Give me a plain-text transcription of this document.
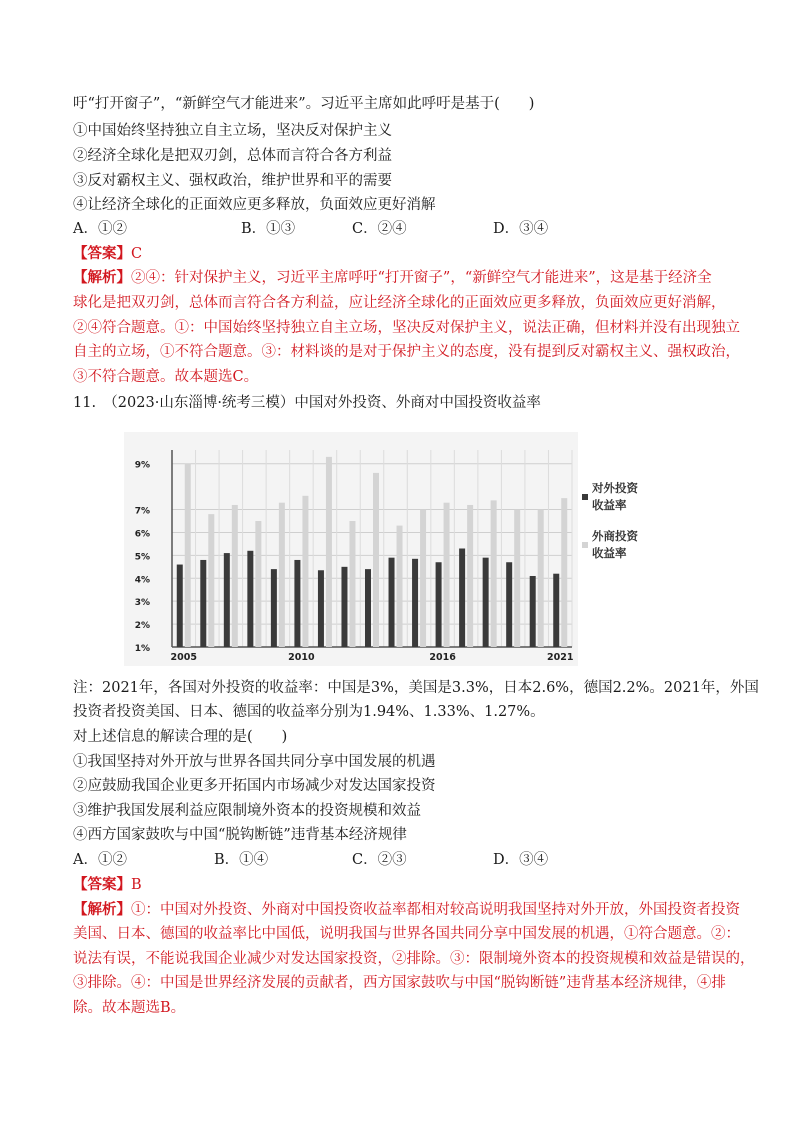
吁“打开窗子”，“新鲜空气才能进来”。习近平主席如此呼吁是基于(　　)
①中国始终坚持独立自主立场，坚决反对保护主义
②经济全球化是把双刃剑，总体而言符合各方利益
③反对霸权主义、强权政治，维护世界和平的需要
④让经济全球化的正面效应更多释放，负面效应更好消解
A．①②	B．①③	C．②④	D．③④
【答案】C
【解析】②④：针对保护主义，习近平主席呼吁“打开窗子”，“新鲜空气才能进来”，这是基于经济全
球化是把双刃剑，总体而言符合各方利益，应让经济全球化的正面效应更多释放，负面效应更好消解，
②④符合题意。①：中国始终坚持独立自主立场，坚决反对保护主义，说法正确，但材料并没有出现独立
自主的立场，①不符合题意。③：材料谈的是对于保护主义的态度，没有提到反对霸权主义、强权政治，
③不符合题意。故本题选C。
11.　（2023·山东淄博·统考三模）中国对外投资、外商对中国投资收益率
1%
2%
3%
4%
5%
6%
7%
9%
2005	2010	2016	2021
对外投资
收益率
外商投资
收益率
注：2021年，各国对外投资的收益率：中国是3%，美国是3.3%，日本2.6%，德国2.2%。2021年，外国
投资者投资美国、日本、德国的收益率分别为1.94%、1.33%、1.27%。
对上述信息的解读合理的是(　　)
①我国坚持对外开放与世界各国共同分享中国发展的机遇
②应鼓励我国企业更多开拓国内市场减少对发达国家投资
③维护我国发展利益应限制境外资本的投资规模和效益
④西方国家鼓吹与中国“脱钩断链”违背基本经济规律
A．①②	B．①④	C．②③	D．③④
【答案】B
【解析】①：中国对外投资、外商对中国投资收益率都相对较高说明我国坚持对外开放，外国投资者投资
美国、日本、德国的收益率比中国低，说明我国与世界各国共同分享中国发展的机遇，①符合题意。②：
说法有误，不能说我国企业减少对发达国家投资，②排除。③：限制境外资本的投资规模和效益是错误的，
③排除。④：中国是世界经济发展的贡献者，西方国家鼓吹与中国“脱钩断链”违背基本经济规律，④排
除。故本题选B。
